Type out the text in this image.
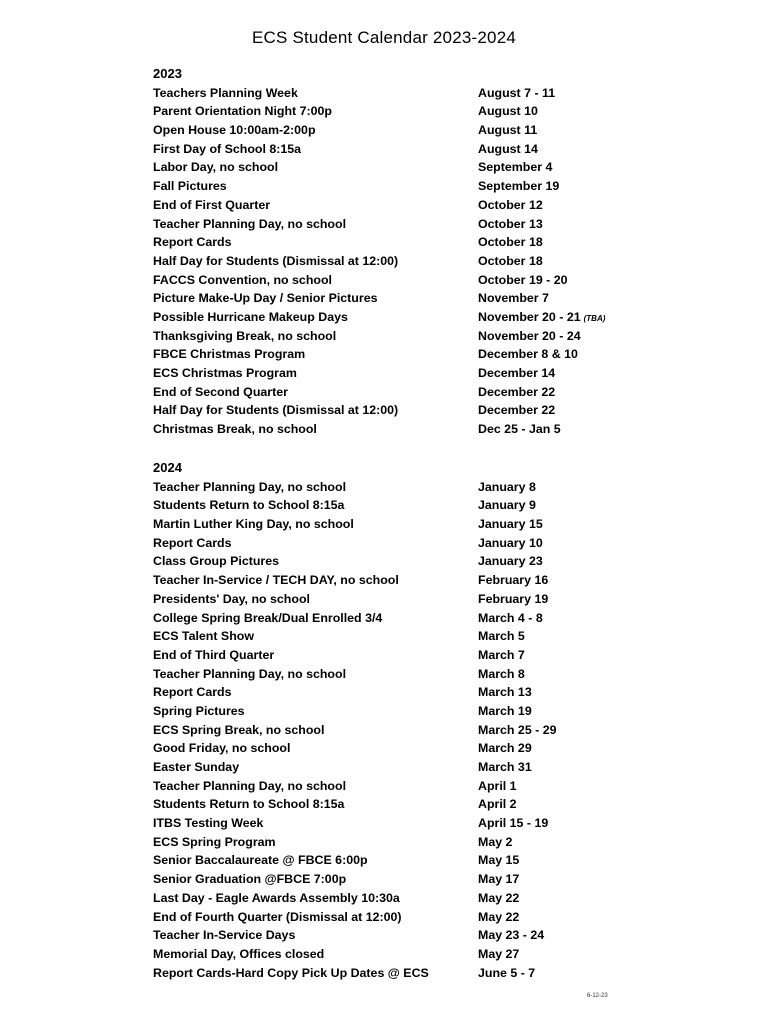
ECS Student Calendar 2023-2024
2023
Teachers Planning Week	August 7 - 11
Parent Orientation Night 7:00p	August 10
Open House 10:00am-2:00p	August 11
First Day of School 8:15a	August 14
Labor Day, no school	September 4
Fall Pictures	September 19
End of First Quarter	October 12
Teacher Planning Day, no school	October 13
Report Cards	October 18
Half Day for Students (Dismissal at 12:00)	October 18
FACCS Convention, no school	October 19 - 20
Picture Make-Up Day / Senior Pictures	November 7
Possible Hurricane Makeup Days	November 20 - 21 (TBA)
Thanksgiving Break, no school	November 20 - 24
FBCE Christmas Program	December 8 & 10
ECS Christmas Program	December 14
End of Second Quarter	December 22
Half Day for Students (Dismissal at 12:00)	December 22
Christmas Break, no school	Dec 25 - Jan 5
2024
Teacher Planning Day, no school	January 8
Students Return to School 8:15a	January 9
Martin Luther King Day, no school	January 15
Report Cards	January 10
Class Group Pictures	January 23
Teacher In-Service / TECH DAY, no school	February 16
Presidents' Day, no school	February 19
College Spring Break/Dual Enrolled 3/4	March 4 - 8
ECS Talent Show	March 5
End of Third Quarter	March 7
Teacher Planning Day, no school	March 8
Report Cards	March 13
Spring Pictures	March 19
ECS Spring Break, no school	March 25 - 29
Good Friday, no school	March 29
Easter Sunday	March 31
Teacher Planning Day, no school	April 1
Students Return to School 8:15a	April 2
ITBS Testing Week	April 15 - 19
ECS Spring Program	May 2
Senior Baccalaureate @ FBCE 6:00p	May 15
Senior Graduation @FBCE 7:00p	May 17
Last Day - Eagle Awards Assembly 10:30a	May 22
End of Fourth Quarter (Dismissal at 12:00)	May 22
Teacher In-Service Days	May 23 - 24
Memorial Day, Offices closed	May 27
Report Cards-Hard Copy Pick Up Dates @ ECS	June 5 - 7
6-12-23
